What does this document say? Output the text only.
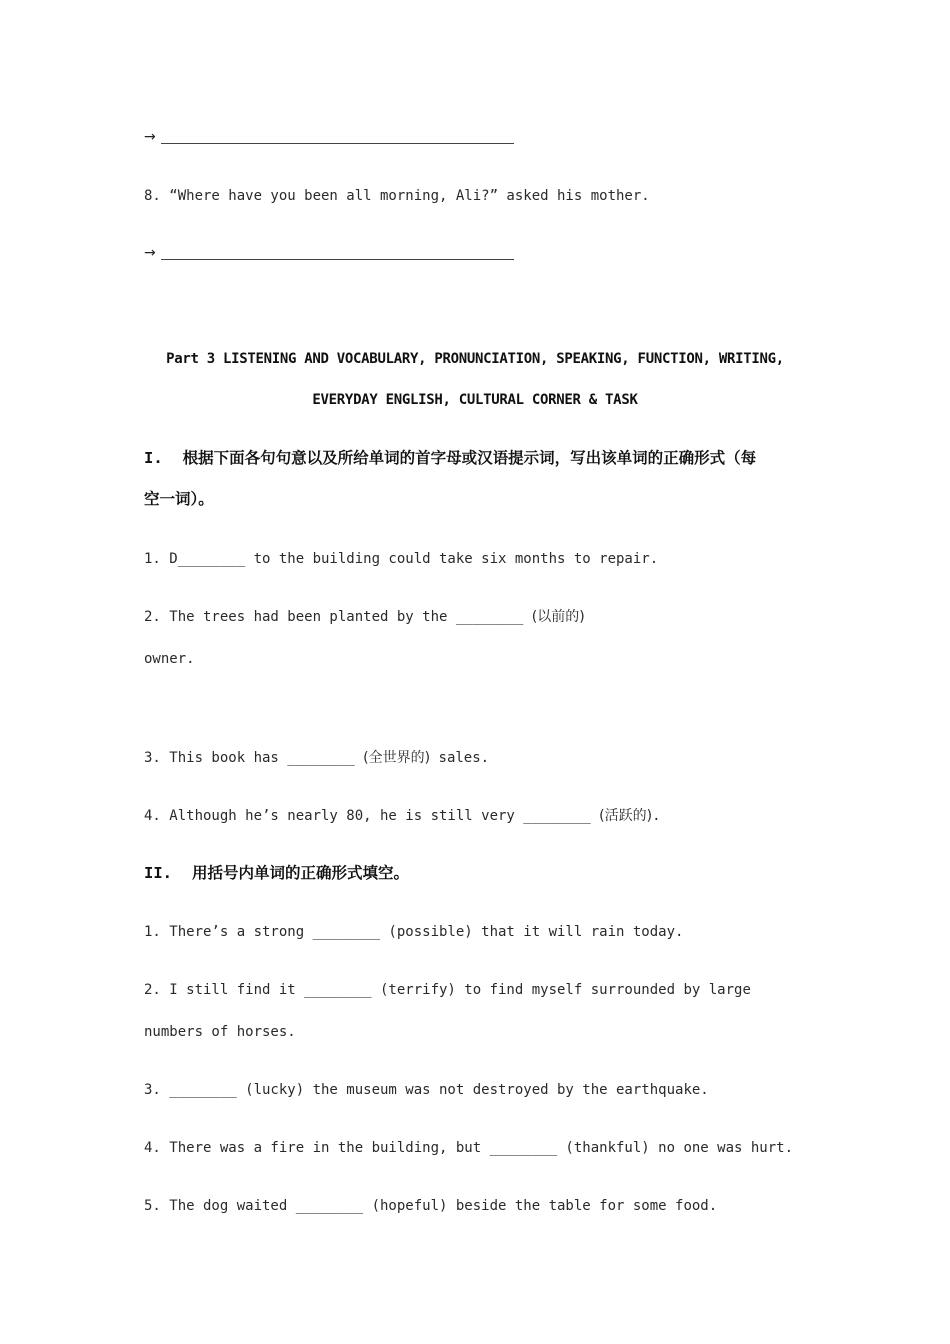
→
8. “Where have you been all morning, Ali?” asked his mother.
→
Part 3 LISTENING AND VOCABULARY, PRONUNCIATION, SPEAKING, FUNCTION, WRITING,
EVERYDAY ENGLISH, CULTURAL CORNER & TASK
I. 根据下面各句句意以及所给单词的首字母或汉语提示词，写出该单词的正确形式（每
空一词）。
1. D________ to the building could take six months to repair.
2. The trees had been planted by the ________ (以前的)
owner.
3. This book has ________ (全世界的) sales.
4. Although he’s nearly 80, he is still very ________ (活跃的).
II. 用括号内单词的正确形式填空。
1. There’s a strong ________ (possible) that it will rain today.
2. I still find it ________ (terrify) to find myself surrounded by large
numbers of horses.
3. ________ (lucky) the museum was not destroyed by the earthquake.
4. There was a fire in the building, but ________ (thankful) no one was hurt.
5. The dog waited ________ (hopeful) beside the table for some food.
